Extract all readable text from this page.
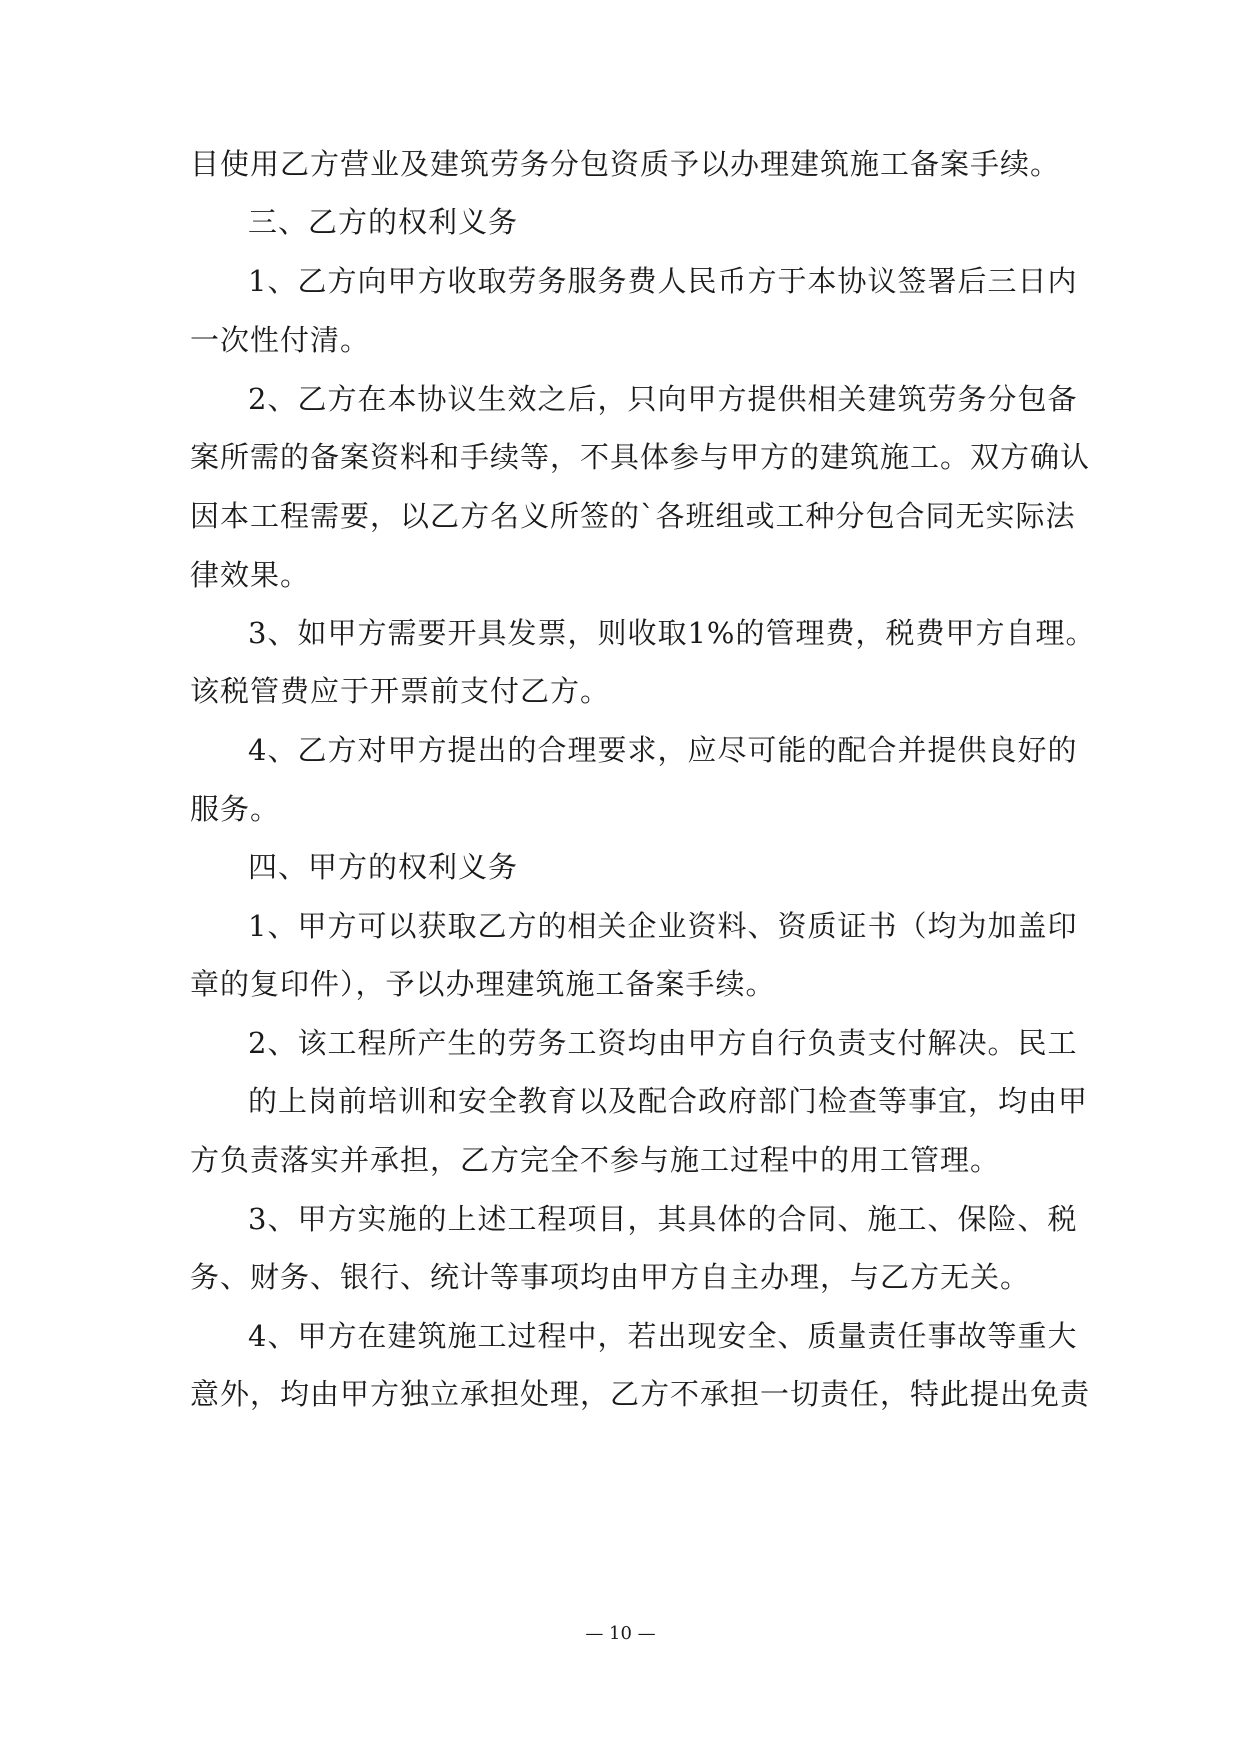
目使用乙方营业及建筑劳务分包资质予以办理建筑施工备案手续。
三、乙方的权利义务
1、乙方向甲方收取劳务服务费人民币方于本协议签署后三日内
一次性付清。
2、乙方在本协议生效之后，只向甲方提供相关建筑劳务分包备
案所需的备案资料和手续等，不具体参与甲方的建筑施工。双方确认
因本工程需要，以乙方名义所签的`各班组或工种分包合同无实际法
律效果。
3、如甲方需要开具发票，则收取1%的管理费，税费甲方自理。
该税管费应于开票前支付乙方。
4、乙方对甲方提出的合理要求，应尽可能的配合并提供良好的
服务。
四、甲方的权利义务
1、甲方可以获取乙方的相关企业资料、资质证书（均为加盖印
章的复印件），予以办理建筑施工备案手续。
2、该工程所产生的劳务工资均由甲方自行负责支付解决。民工
的上岗前培训和安全教育以及配合政府部门检查等事宜，均由甲
方负责落实并承担，乙方完全不参与施工过程中的用工管理。
3、甲方实施的上述工程项目，其具体的合同、施工、保险、税
务、财务、银行、统计等事项均由甲方自主办理，与乙方无关。
4、甲方在建筑施工过程中，若出现安全、质量责任事故等重大
意外，均由甲方独立承担处理，乙方不承担一切责任，特此提出免责
— 10 —
